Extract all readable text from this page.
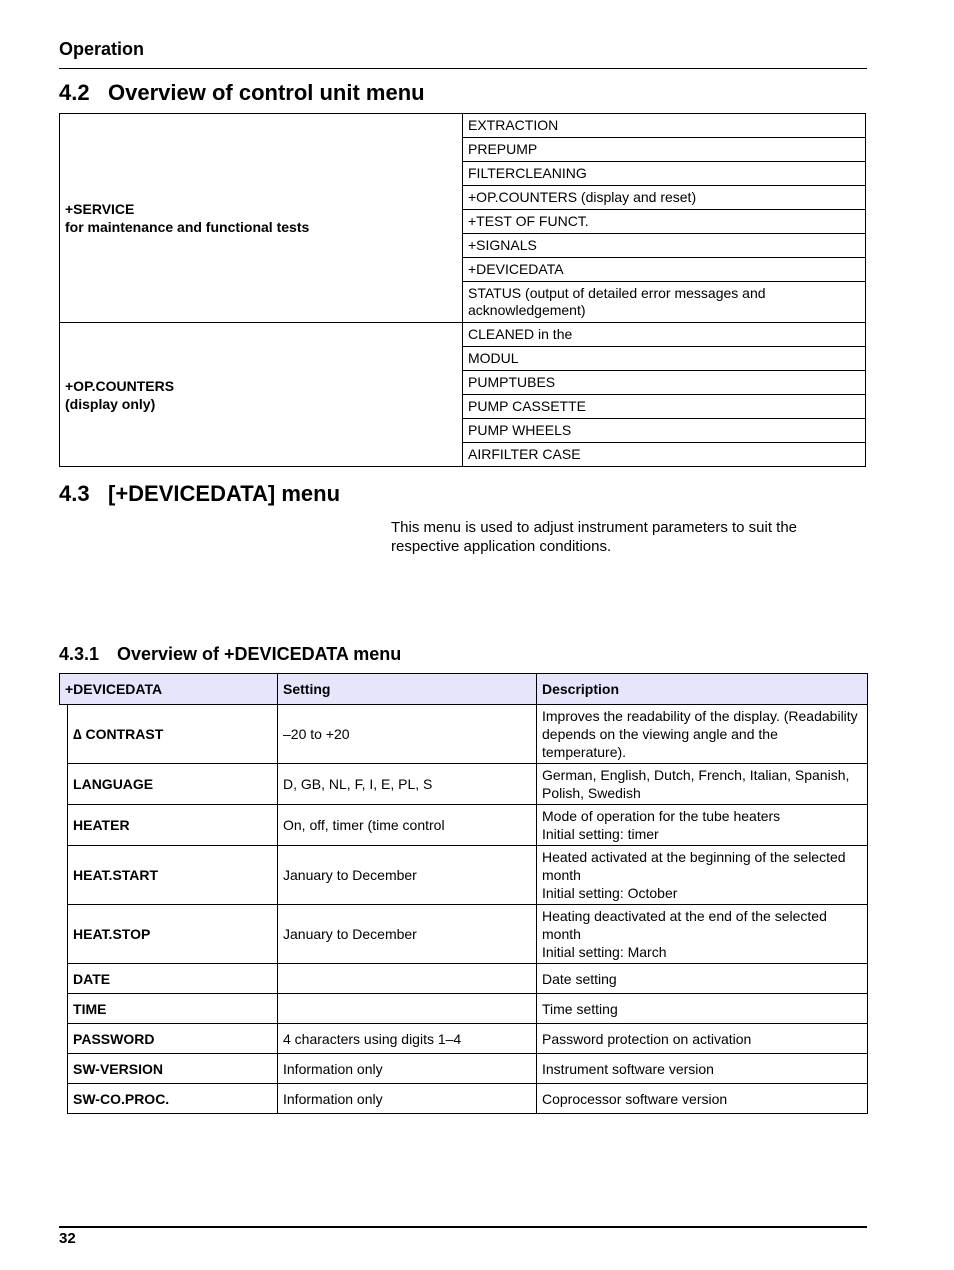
Operation
4.2 Overview of control unit menu
+SERVICE
for maintenance and functional tests	EXTRACTION
	PREPUMP
	FILTERCLEANING
	+OP.COUNTERS (display and reset)
	+TEST OF FUNCT.
	+SIGNALS
	+DEVICEDATA
	STATUS (output of detailed error messages and acknowledgement)
+OP.COUNTERS
(display only)	CLEANED in the
	MODUL
	PUMPTUBES
	PUMP CASSETTE
	PUMP WHEELS
	AIRFILTER CASE
4.3 [+DEVICEDATA] menu
This menu is used to adjust instrument parameters to suit the respective application conditions.
4.3.1 Overview of +DEVICEDATA menu
+DEVICEDATA		Setting	Description
	∆ CONTRAST	–20 to +20	Improves the readability of the display. (Readability depends on the viewing angle and the temperature).

	LANGUAGE	D, GB, NL, F, I, E, PL, S	German, English, Dutch, French, Italian, Spanish, Polish, Swedish

	HEATER	On, off, timer (time control	Mode of operation for the tube heaters
Initial setting: timer

	HEAT.START	January to December	Heated activated at the beginning of the selected month
Initial setting: October

	HEAT.STOP	January to December	Heating deactivated at the end of the selected month
Initial setting: March

	DATE		Date setting

	TIME		Time setting

	PASSWORD	4 characters using digits 1–4	Password protection on activation

	SW-VERSION	Information only	Instrument software version

	SW-CO.PROC.	Information only	Coprocessor software version
32
